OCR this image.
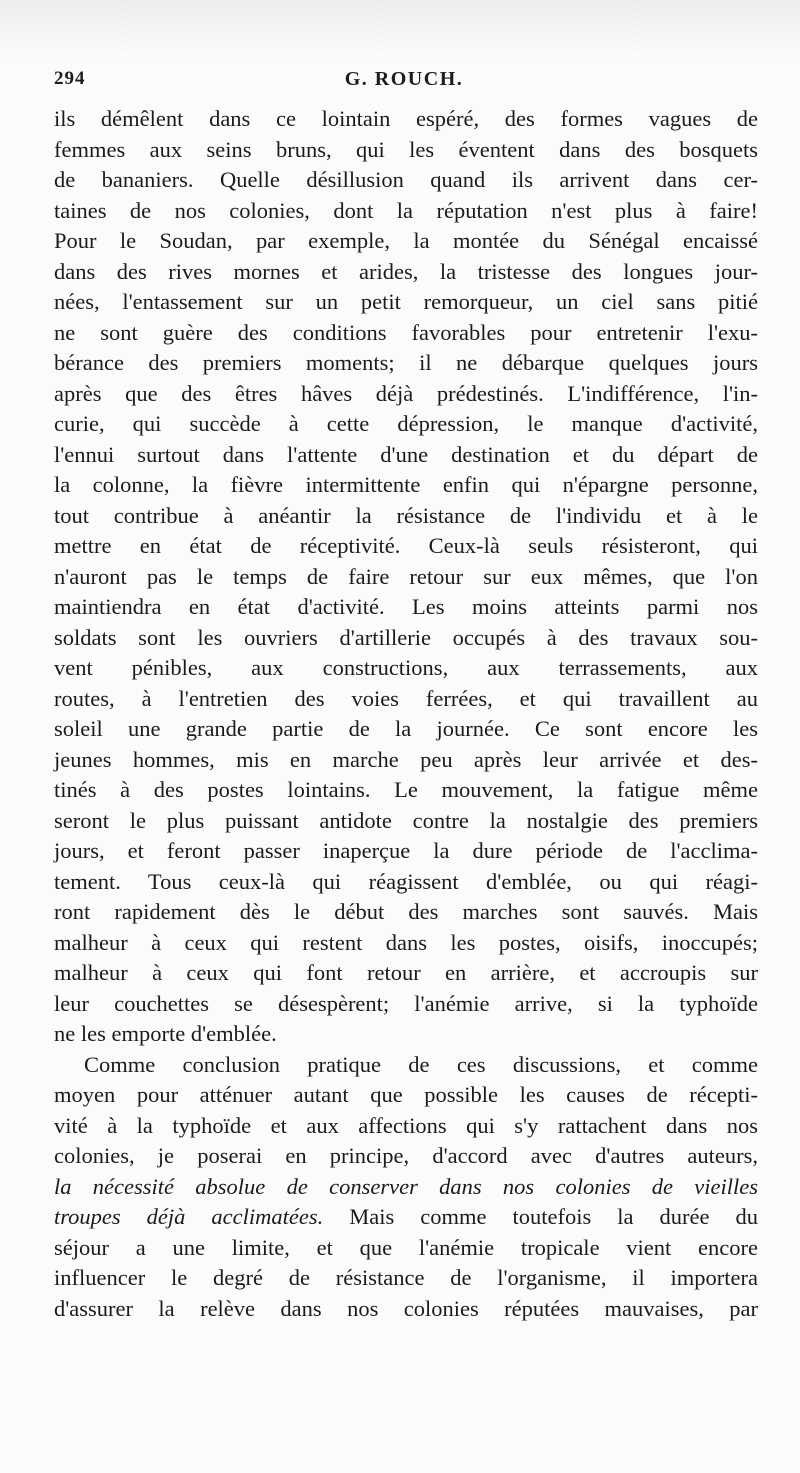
294	G. ROUCH.
ils démêlent dans ce lointain espéré, des formes vagues de
femmes aux seins bruns, qui les éventent dans des bosquets
de bananiers. Quelle désillusion quand ils arrivent dans cer-
taines de nos colonies, dont la réputation n'est plus à faire!
Pour le Soudan, par exemple, la montée du Sénégal encaissé
dans des rives mornes et arides, la tristesse des longues jour-
nées, l'entassement sur un petit remorqueur, un ciel sans pitié
ne sont guère des conditions favorables pour entretenir l'exu-
bérance des premiers moments; il ne débarque quelques jours
après que des êtres hâves déjà prédestinés. L'indifférence, l'in-
curie, qui succède à cette dépression, le manque d'activité,
l'ennui surtout dans l'attente d'une destination et du départ de
la colonne, la fièvre intermittente enfin qui n'épargne personne,
tout contribue à anéantir la résistance de l'individu et à le
mettre en état de réceptivité. Ceux-là seuls résisteront, qui
n'auront pas le temps de faire retour sur eux mêmes, que l'on
maintiendra en état d'activité. Les moins atteints parmi nos
soldats sont les ouvriers d'artillerie occupés à des travaux sou-
vent pénibles, aux constructions, aux terrassements, aux
routes, à l'entretien des voies ferrées, et qui travaillent au
soleil une grande partie de la journée. Ce sont encore les
jeunes hommes, mis en marche peu après leur arrivée et des-
tinés à des postes lointains. Le mouvement, la fatigue même
seront le plus puissant antidote contre la nostalgie des premiers
jours, et feront passer inaperçue la dure période de l'acclima-
tement. Tous ceux-là qui réagissent d'emblée, ou qui réagi-
ront rapidement dès le début des marches sont sauvés. Mais
malheur à ceux qui restent dans les postes, oisifs, inoccupés;
malheur à ceux qui font retour en arrière, et accroupis sur
leur couchettes se désespèrent; l'anémie arrive, si la typhoïde
ne les emporte d'emblée.
Comme conclusion pratique de ces discussions, et comme
moyen pour atténuer autant que possible les causes de récepti-
vité à la typhoïde et aux affections qui s'y rattachent dans nos
colonies, je poserai en principe, d'accord avec d'autres auteurs,
la nécessité absolue de conserver dans nos colonies de vieilles
troupes déjà acclimatées. Mais comme toutefois la durée du
séjour a une limite, et que l'anémie tropicale vient encore
influencer le degré de résistance de l'organisme, il importera
d'assurer la relève dans nos colonies réputées mauvaises, par
